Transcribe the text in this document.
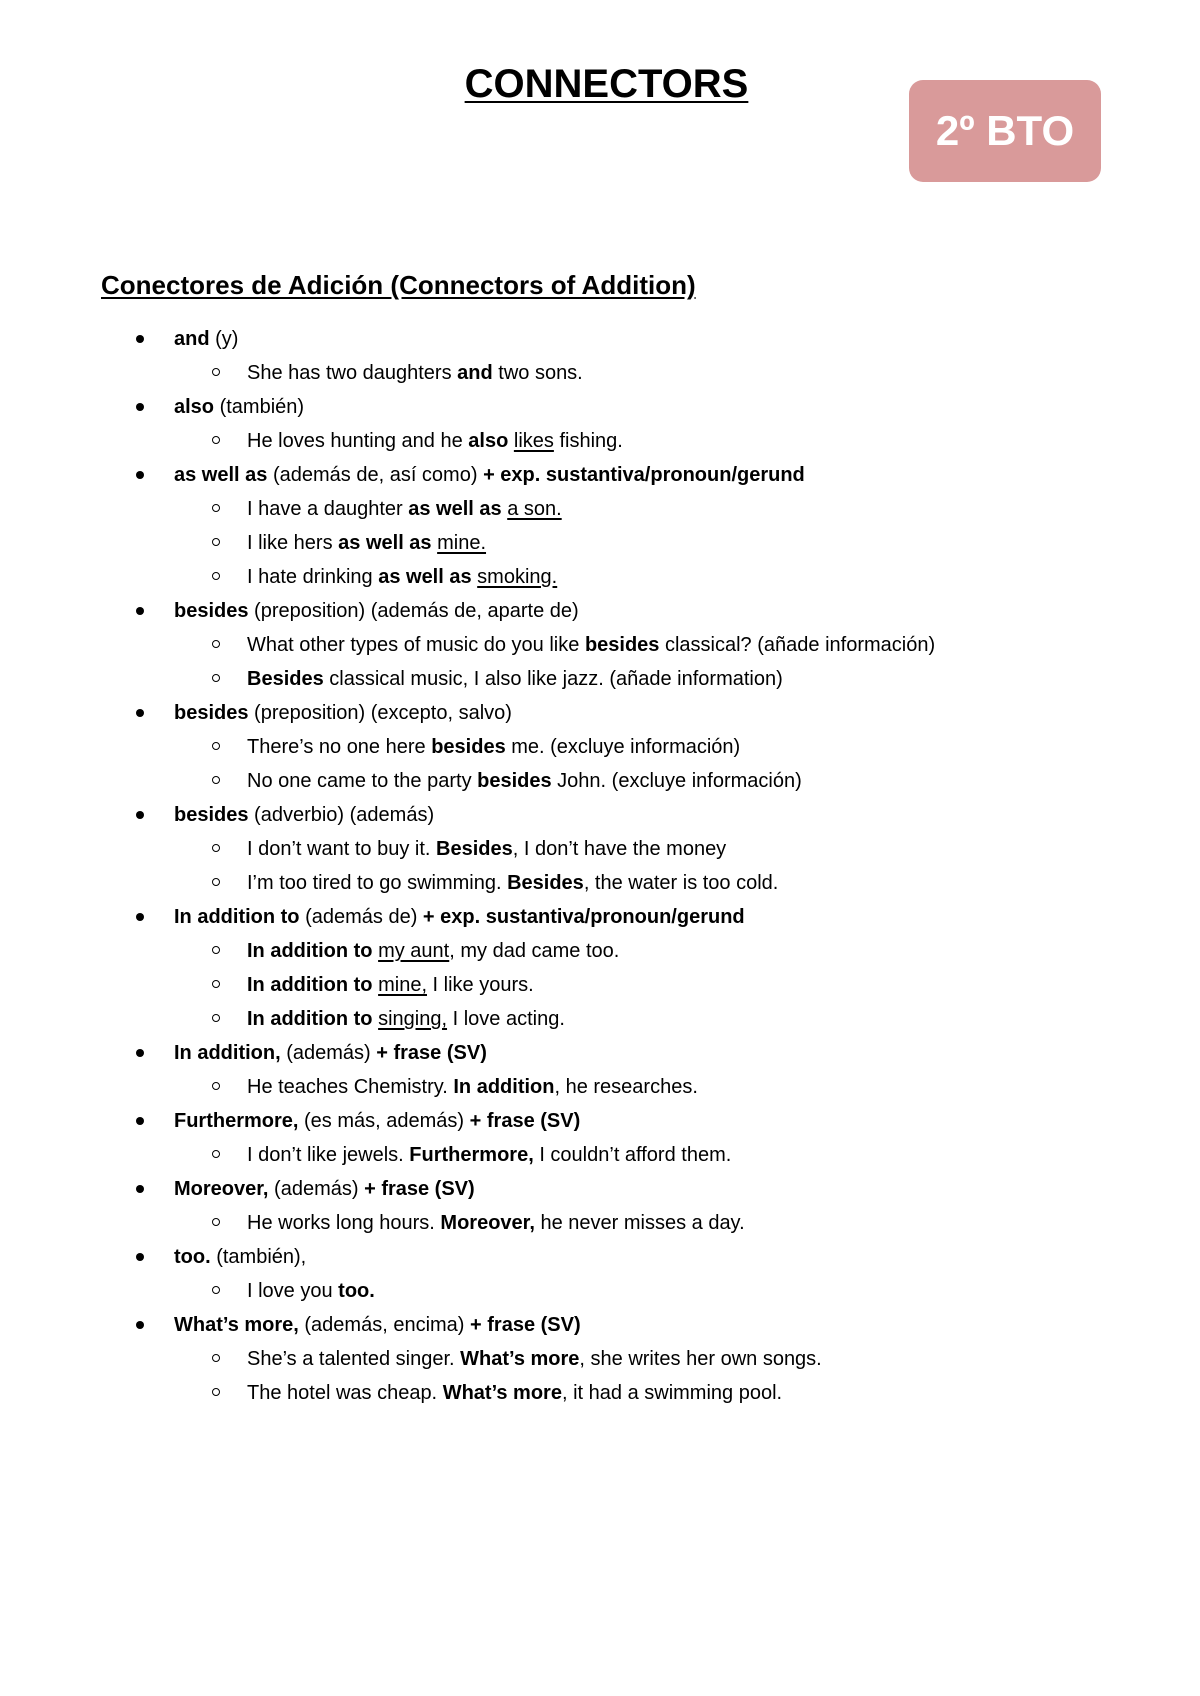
CONNECTORS
2º BTO
Conectores de Adición (Connectors of Addition)
and (y)
She has two daughters and two sons.
also (también)
He loves hunting and he also likes fishing.
as well as (además de, así como) + exp. sustantiva/pronoun/gerund
I have a daughter as well as a son.
I like hers as well as mine.
I hate drinking as well as smoking.
besides (preposition) (además de, aparte de)
What other types of music do you like besides classical? (añade información)
Besides classical music, I also like jazz. (añade information)
besides (preposition) (excepto, salvo)
There’s no one here besides me. (excluye información)
No one came to the party besides John. (excluye información)
besides (adverbio) (además)
I don’t want to buy it. Besides, I don’t have the money
I’m too tired to go swimming. Besides, the water is too cold.
In addition to (además de) + exp. sustantiva/pronoun/gerund
In addition to my aunt, my dad came too.
In addition to mine, I like yours.
In addition to singing, I love acting.
In addition, (además) + frase (SV)
He teaches Chemistry. In addition, he researches.
Furthermore, (es más, además) + frase (SV)
I don’t like jewels. Furthermore, I couldn’t afford them.
Moreover, (además) + frase (SV)
He works long hours. Moreover, he never misses a day.
too. (también),
I love you too.
What’s more, (además, encima) + frase (SV)
She’s a talented singer. What’s more, she writes her own songs.
The hotel was cheap. What’s more, it had a swimming pool.
